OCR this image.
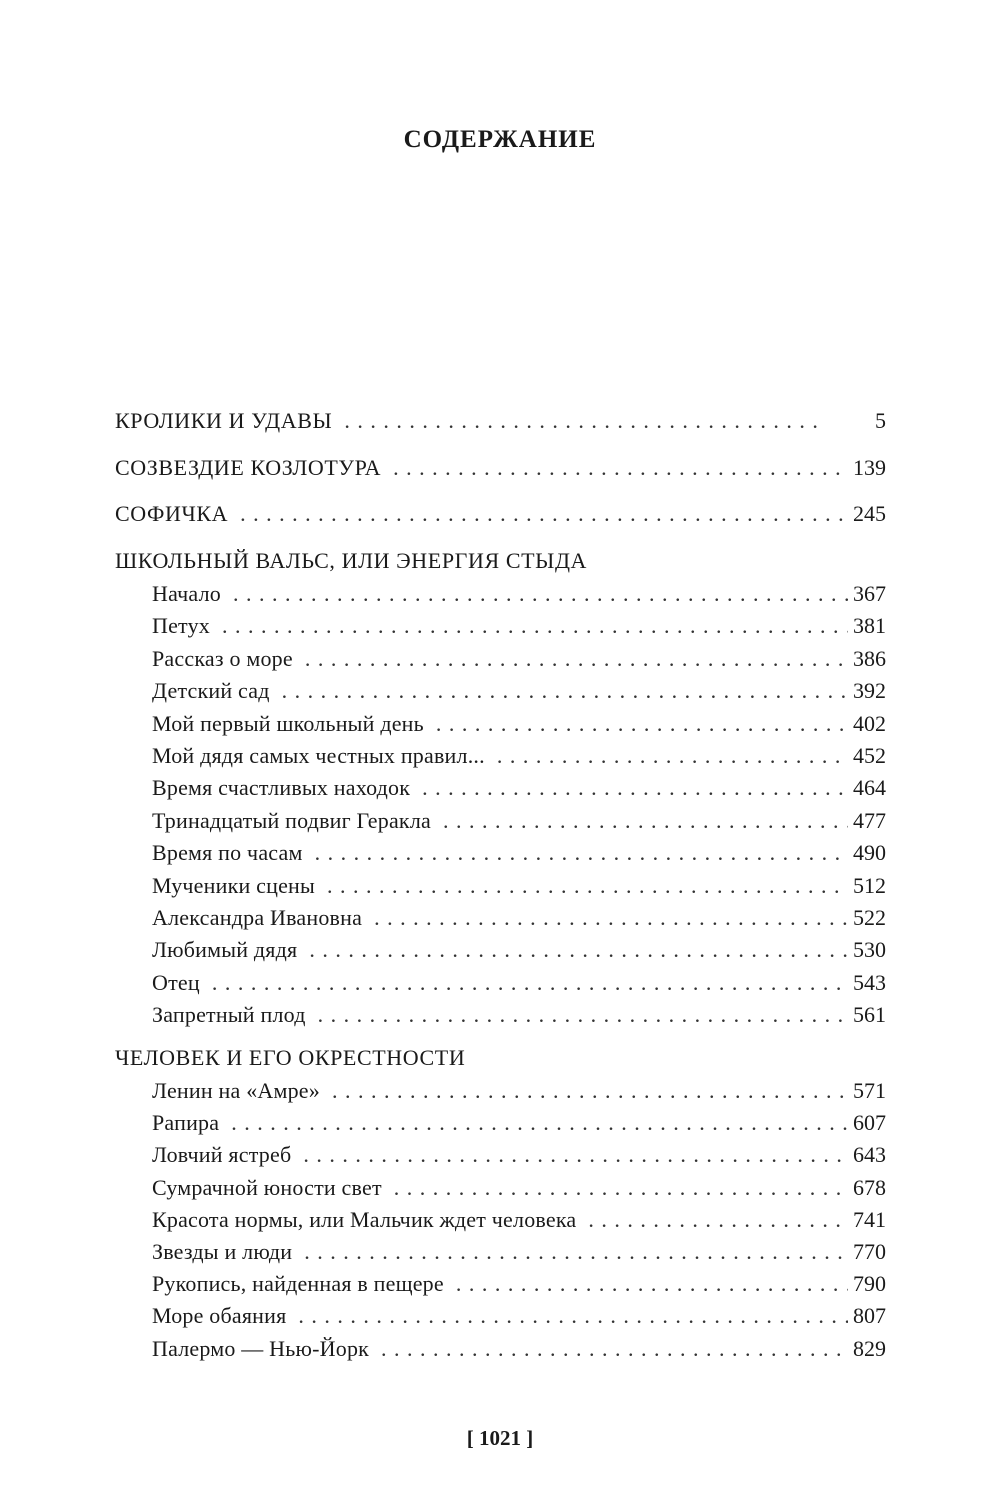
СОДЕРЖАНИЕ
КРОЛИКИ И УДАВЫ . . .	5
СОЗВЕЗДИЕ КОЗЛОТУРА . . .	139
СОФИЧКА . . .	245
ШКОЛЬНЫЙ ВАЛЬС, ИЛИ ЭНЕРГИЯ СТЫДА
Начало . . .	367
Петух . . .	381
Рассказ о море . . .	386
Детский сад . . .	392
Мой первый школьный день . . .	402
Мой дядя самых честных правил... . . .	452
Время счастливых находок . . .	464
Тринадцатый подвиг Геракла . . .	477
Время по часам . . .	490
Мученики сцены . . .	512
Александра Ивановна . . .	522
Любимый дядя . . .	530
Отец . . .	543
Запретный плод . . .	561
ЧЕЛОВЕК И ЕГО ОКРЕСТНОСТИ
Ленин на «Амре» . . .	571
Рапира . . .	607
Ловчий ястреб . . .	643
Сумрачной юности свет . . .	678
Красота нормы, или Мальчик ждет человека . . .	741
Звезды и люди . . .	770
Рукопись, найденная в пещере . . .	790
Море обаяния . . .	807
Палермо — Нью-Йорк . . .	829
[ 1021 ]
